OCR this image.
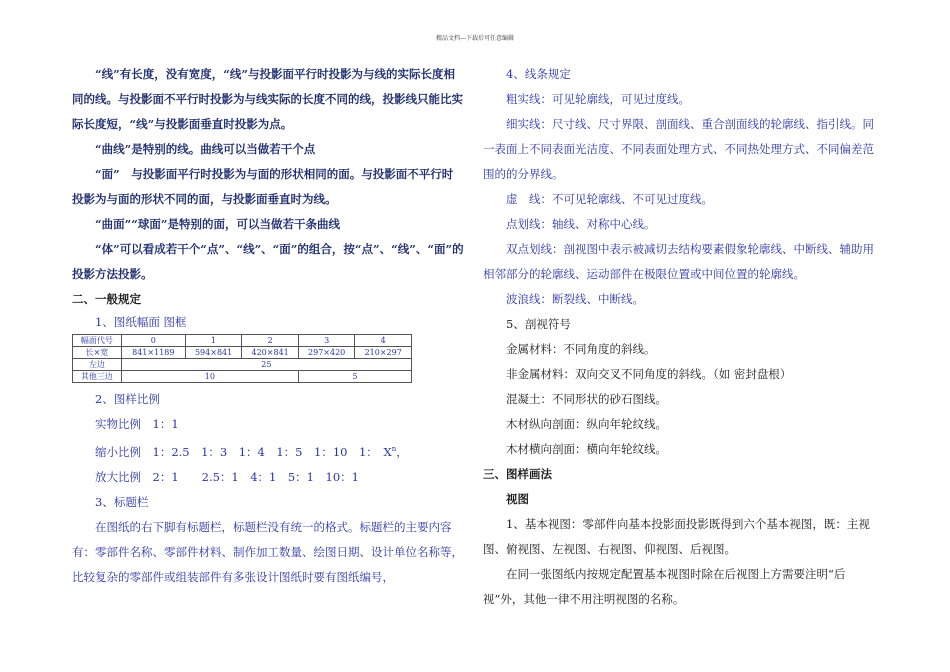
精品文档---下载后可任意编辑

“线”有长度，没有宽度，“线”与投影面平行时投影为与线的实际长度相同的线。与投影面不平行时投影为与线实际的长度不同的线，投影线只能比实际长度短，“线”与投影面垂直时投影为点。

“曲线”是特别的线。曲线可以当做若干个点

“面”　与投影面平行时投影为与面的形状相同的面。与投影面不平行时投影为与面的形状不同的面，与投影面垂直时为线。

“曲面”“球面”是特别的面，可以当做若干条曲线

“体”可以看成若干个“点”、“线”、“面”的组合，按“点”、“线”、“面”的投影方法投影。

二、一般规定

1、图纸幅面 图框

幅面代号	0	1	2	3	4
长×宽	841×1189	594×841	420×841	297×420	210×297
左边	25				
其他三边	10			5	

2、图样比例

实物比例　1：1

缩小比例　1：2.5　1：3　1：4　1：5　1：10　1：　$X^n$，

放大比例　2：1　　2.5：1　4：1　5：1　10：1

3、标题栏

在图纸的右下脚有标题栏，标题栏没有统一的格式。标题栏的主要内容有：零部件名称、零部件材料、制作加工数量、绘图日期、设计单位名称等，比较复杂的零部件或组装部件有多张设计图纸时要有图纸编号，

4、线条规定

粗实线：可见轮廓线，可见过度线。

细实线：尺寸线、尺寸界限、剖面线、重合剖面线的轮廓线、指引线。同一表面上不同表面光洁度、不同表面处理方式、不同热处理方式、不同偏差范围的的分界线。

虚　线：不可见轮廓线、不可见过度线。

点划线：轴线、对称中心线。

双点划线：剖视图中表示被减切去结构要素假象轮廓线、中断线、辅助用相邻部分的轮廓线、运动部件在极限位置或中间位置的轮廓线。

波浪线：断裂线、中断线。

5、剖视符号

金属材料：不同角度的斜线。

非金属材料：双向交叉不同角度的斜线。（如 密封盘根）

混凝土：不同形状的砂石图线。

木材纵向剖面：纵向年轮纹线。

木材横向剖面：横向年轮纹线。

三、图样画法

视图

1、基本视图：零部件向基本投影面投影既得到六个基本视图，既：主视图、俯视图、左视图、右视图、仰视图、后视图。

在同一张图纸内按规定配置基本视图时除在后视图上方需要注明“后视”外，其他一律不用注明视图的名称。
